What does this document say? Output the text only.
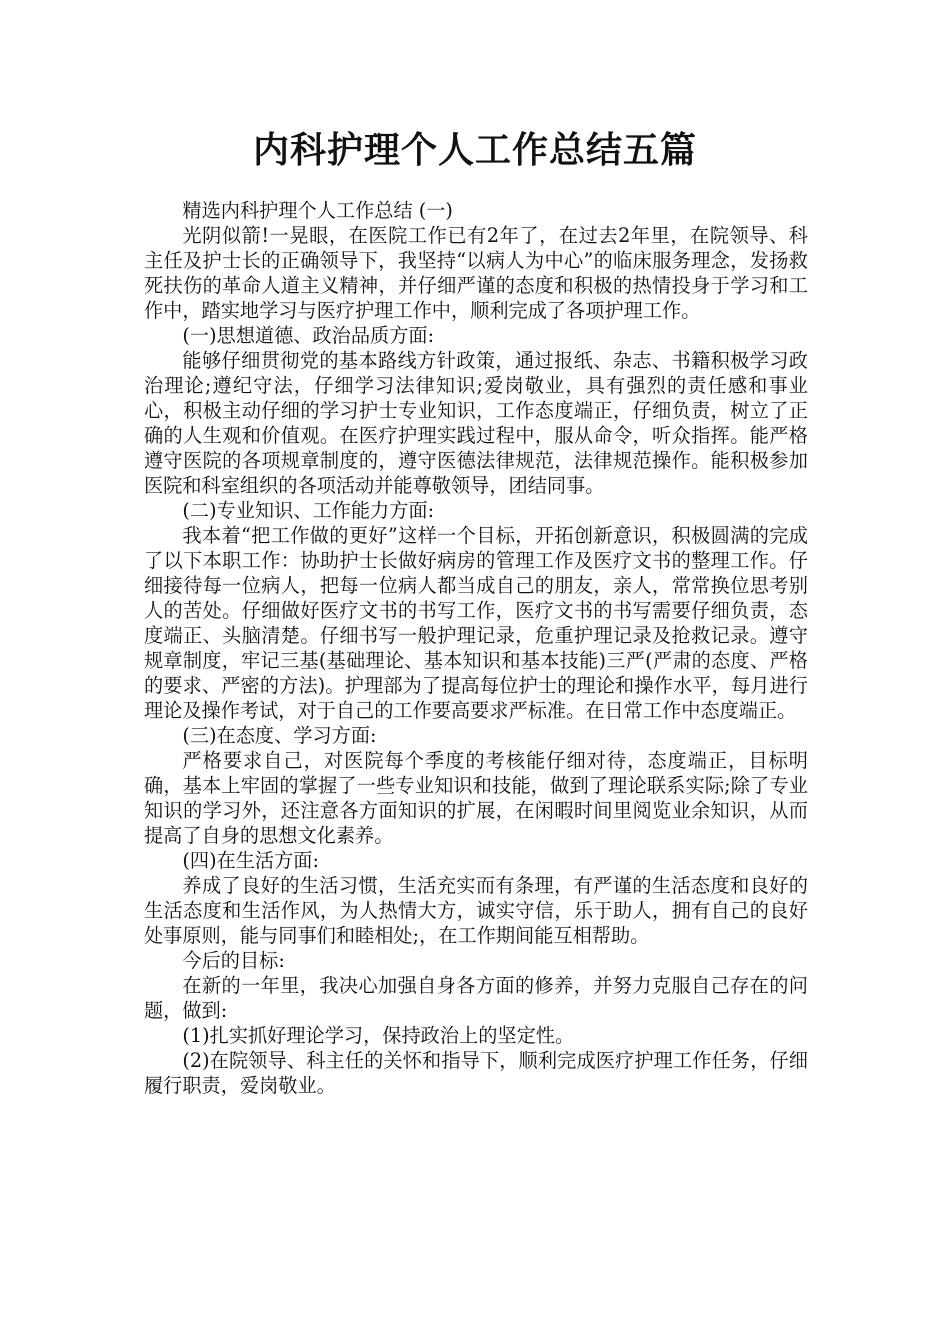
内科护理个人工作总结五篇

精选内科护理个人工作总结 (一)

光阴似箭!一晃眼，在医院工作已有2年了，在过去2年里，在院领导、科主任及护士长的正确领导下，我坚持“以病人为中心”的临床服务理念，发扬救死扶伤的革命人道主义精神，并仔细严谨的态度和积极的热情投身于学习和工作中，踏实地学习与医疗护理工作中，顺利完成了各项护理工作。

(一)思想道德、政治品质方面:

能够仔细贯彻党的基本路线方针政策，通过报纸、杂志、书籍积极学习政治理论;遵纪守法，仔细学习法律知识;爱岗敬业，具有强烈的责任感和事业心，积极主动仔细的学习护士专业知识，工作态度端正，仔细负责，树立了正确的人生观和价值观。在医疗护理实践过程中，服从命令，听众指挥。能严格遵守医院的各项规章制度的，遵守医德法律规范，法律规范操作。能积极参加医院和科室组织的各项活动并能尊敬领导，团结同事。

(二)专业知识、工作能力方面:

我本着“把工作做的更好”这样一个目标，开拓创新意识，积极圆满的完成了以下本职工作：协助护士长做好病房的管理工作及医疗文书的整理工作。仔细接待每一位病人，把每一位病人都当成自己的朋友，亲人，常常换位思考别人的苦处。仔细做好医疗文书的书写工作，医疗文书的书写需要仔细负责，态度端正、头脑清楚。仔细书写一般护理记录，危重护理记录及抢救记录。遵守规章制度，牢记三基(基础理论、基本知识和基本技能)三严(严肃的态度、严格的要求、严密的方法)。护理部为了提高每位护士的理论和操作水平，每月进行理论及操作考试，对于自己的工作要高要求严标准。在日常工作中态度端正。

(三)在态度、学习方面:

严格要求自己，对医院每个季度的考核能仔细对待，态度端正，目标明确，基本上牢固的掌握了一些专业知识和技能，做到了理论联系实际;除了专业知识的学习外，还注意各方面知识的扩展，在闲暇时间里阅览业余知识，从而提高了自身的思想文化素养。

(四)在生活方面:

养成了良好的生活习惯，生活充实而有条理，有严谨的生活态度和良好的生活态度和生活作风，为人热情大方，诚实守信，乐于助人，拥有自己的良好处事原则，能与同事们和睦相处;，在工作期间能互相帮助。

今后的目标:

在新的一年里，我决心加强自身各方面的修养，并努力克服自己存在的问题，做到:

(1)扎实抓好理论学习，保持政治上的坚定性。

(2)在院领导、科主任的关怀和指导下，顺利完成医疗护理工作任务，仔细履行职责，爱岗敬业。
